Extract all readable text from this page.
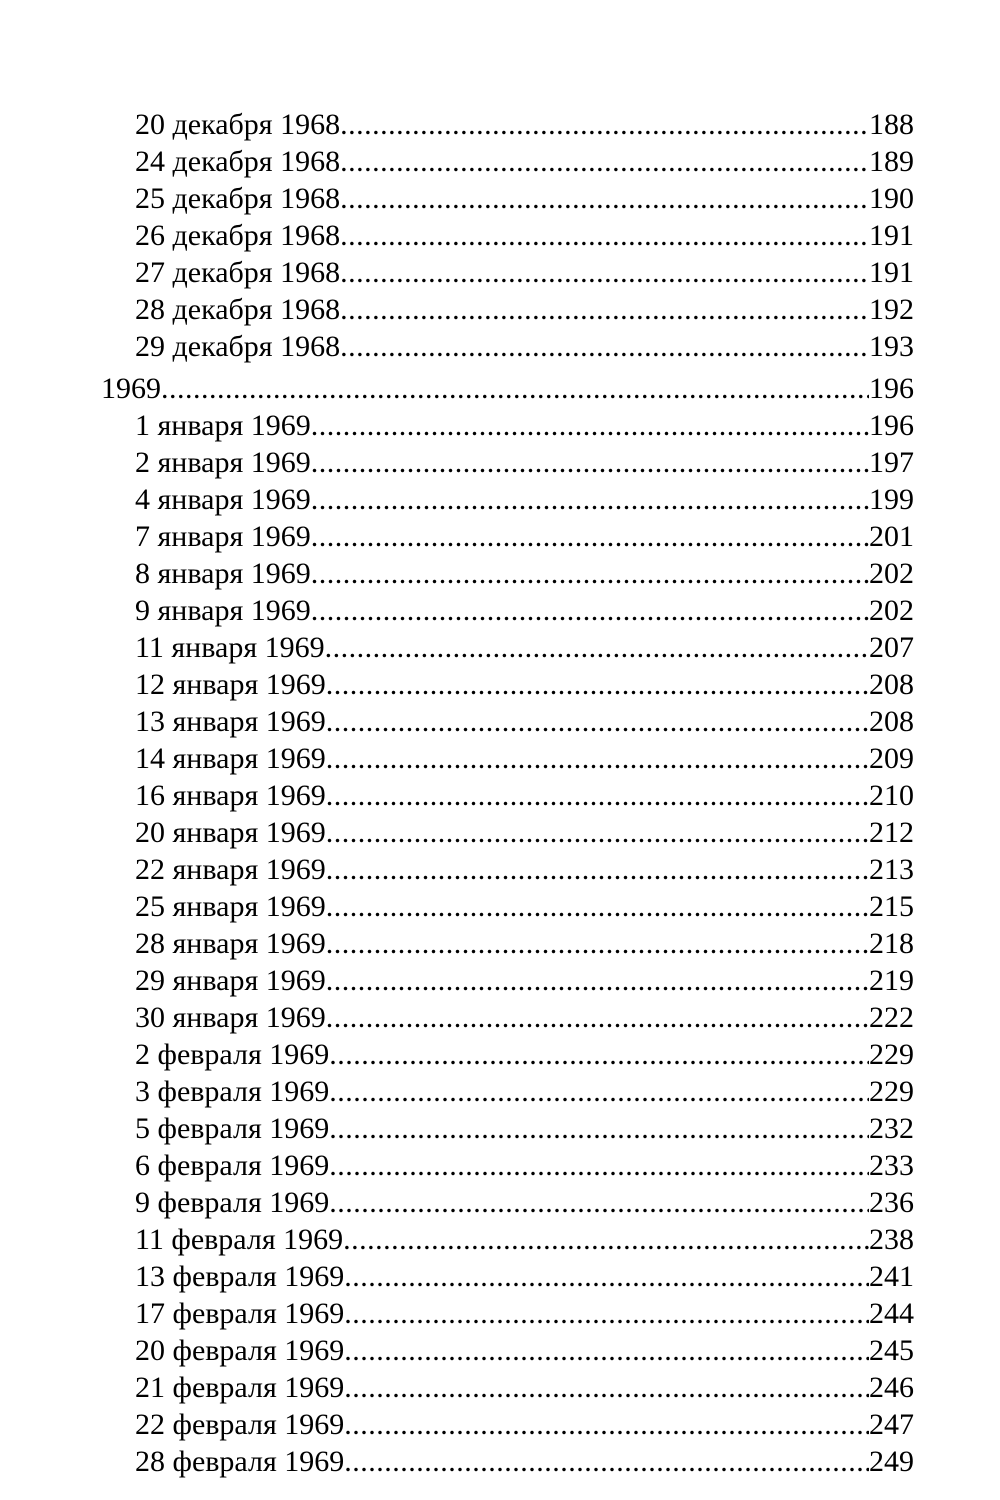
20 декабря 1968 .....	188
24 декабря 1968 .....	189
25 декабря 1968 .....	190
26 декабря 1968 .....	191
27 декабря 1968 .....	191
28 декабря 1968 .....	192
29 декабря 1968 .....	193
1969 .....	196
1 января 1969 .....	196
2 января 1969 .....	197
4 января 1969 .....	199
7 января 1969 .....	201
8 января 1969 .....	202
9 января 1969 .....	202
11 января 1969 .....	207
12 января 1969 .....	208
13 января 1969 .....	208
14 января 1969 .....	209
16 января 1969 .....	210
20 января 1969 .....	212
22 января 1969 .....	213
25 января 1969 .....	215
28 января 1969 .....	218
29 января 1969 .....	219
30 января 1969 .....	222
2 февраля 1969 .....	229
3 февраля 1969 .....	229
5 февраля 1969 .....	232
6 февраля 1969 .....	233
9 февраля 1969 .....	236
11 февраля 1969 .....	238
13 февраля 1969 .....	241
17 февраля 1969 .....	244
20 февраля 1969 .....	245
21 февраля 1969 .....	246
22 февраля 1969 .....	247
28 февраля 1969 .....	249
